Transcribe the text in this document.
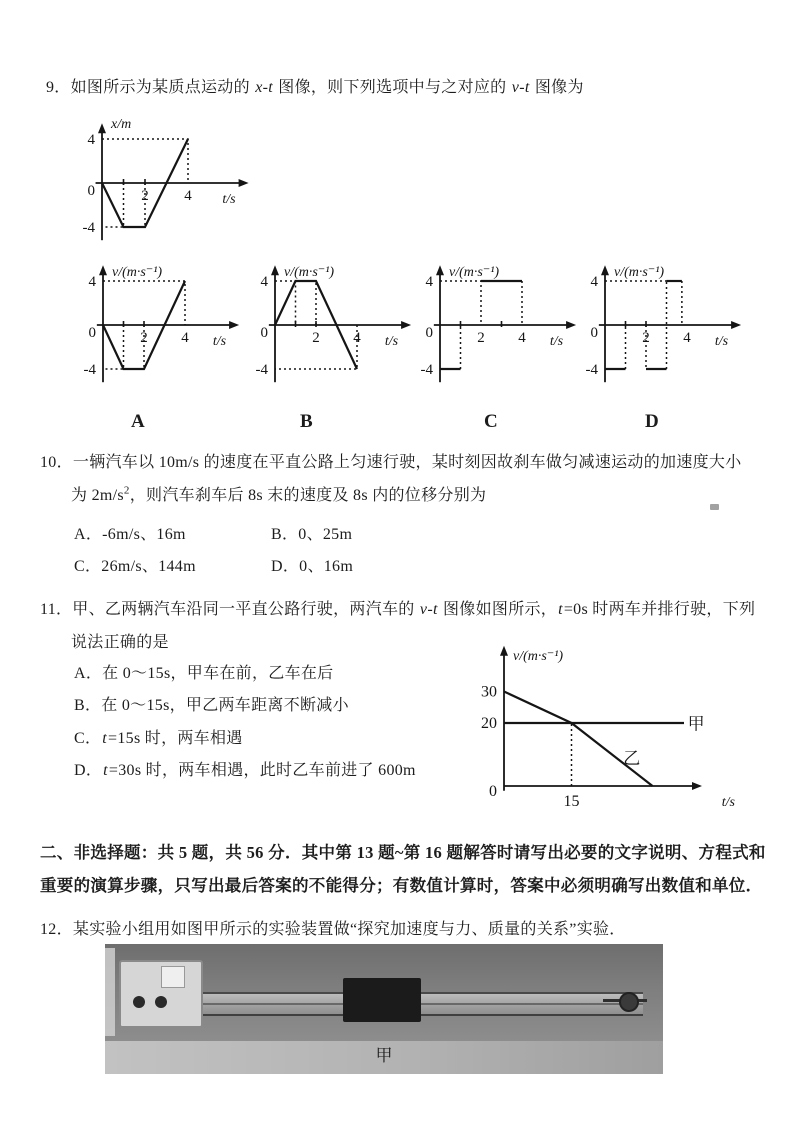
9．如图所示为某质点运动的 x-t 图像，则下列选项中与之对应的 v-t 图像为
2 4
4
0
-4
x/m
t/s
2 4
4
0
-4
v/(m·s⁻¹)
t/s	2 4
4
0
-4
v/(m·s⁻¹)
t/s	2 4
4
0
-4
v/(m·s⁻¹)
t/s	2 4
4
0
-4
v/(m·s⁻¹)
t/s
A	B	C	D
10．一辆汽车以 10m/s 的速度在平直公路上匀速行驶，某时刻因故刹车做匀减速运动的加速度大小
为 $2m/s^2$，则汽车刹车后 8s 末的速度及 8s 内的位移分别为
A．-6m/s、16m	B．0、25m
C．26m/s、144m	D．0、16m
11．甲、乙两辆汽车沿同一平直公路行驶，两汽车的 v-t 图像如图所示，t=0s 时两车并排行驶，下列
说法正确的是
A．在 0～15s，甲车在前，乙车在后
B．在 0～15s，甲乙两车距离不断减小
C．t=15s 时，两车相遇
D．t=30s 时，两车相遇，此时乙车前进了 600m
15
30
20
0
v/(m·s⁻¹)
t/s
甲
乙
二、非选择题：共 5 题，共 56 分．其中第 13 题~第 16 题解答时请写出必要的文字说明、方程式和
重要的演算步骤，只写出最后答案的不能得分；有数值计算时，答案中必须明确写出数值和单位．
12．某实验小组用如图甲所示的实验装置做“探究加速度与力、质量的关系”实验．
甲
